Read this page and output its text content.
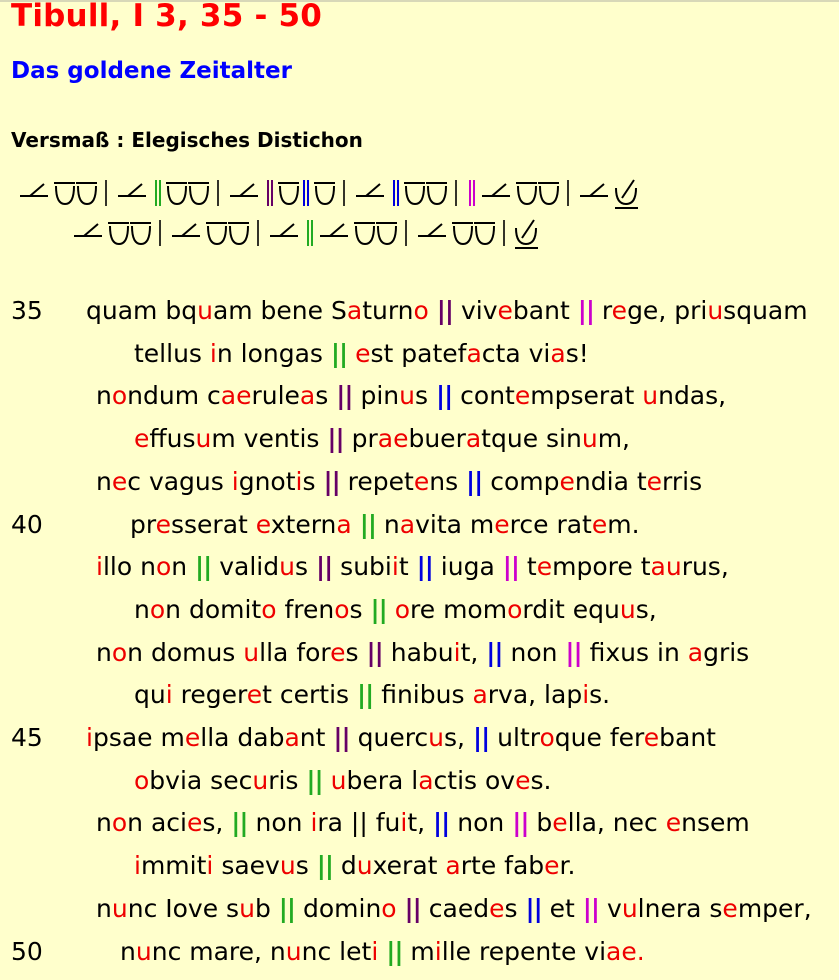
Tibull, I 3, 35 - 50
Das goldene Zeitalter
Versmaß : Elegisches Distichon
35 quam bquam bene Saturno || vivebant || rege, priusquam
tellus in longas || est patefacta vias!
nondum caeruleas || pinus || contempserat undas,
effusum ventis || praebueratque sinum,
nec vagus ignotis || repetens || compendia terris
40	presserat externa || navita merce ratem.
illo non || validus || subiit || iuga || tempore taurus,
non domito frenos || ore momordit equus,
non domus ulla fores || habuit, || non || fxus in agris
qui regeret certis || fnibus arva, lapis.
45 ipsae mella dabant || quercus, || ultroque ferebant
obvia securis || ubera lactis oves.
non acies, || non ira || fuit, || non || bella, nec ensem
immiti saevus || duxerat arte faber.
nunc Iove sub || domino || caedes || et || vulnera semper,
50	nunc mare, nunc leti || mille repente viae.
